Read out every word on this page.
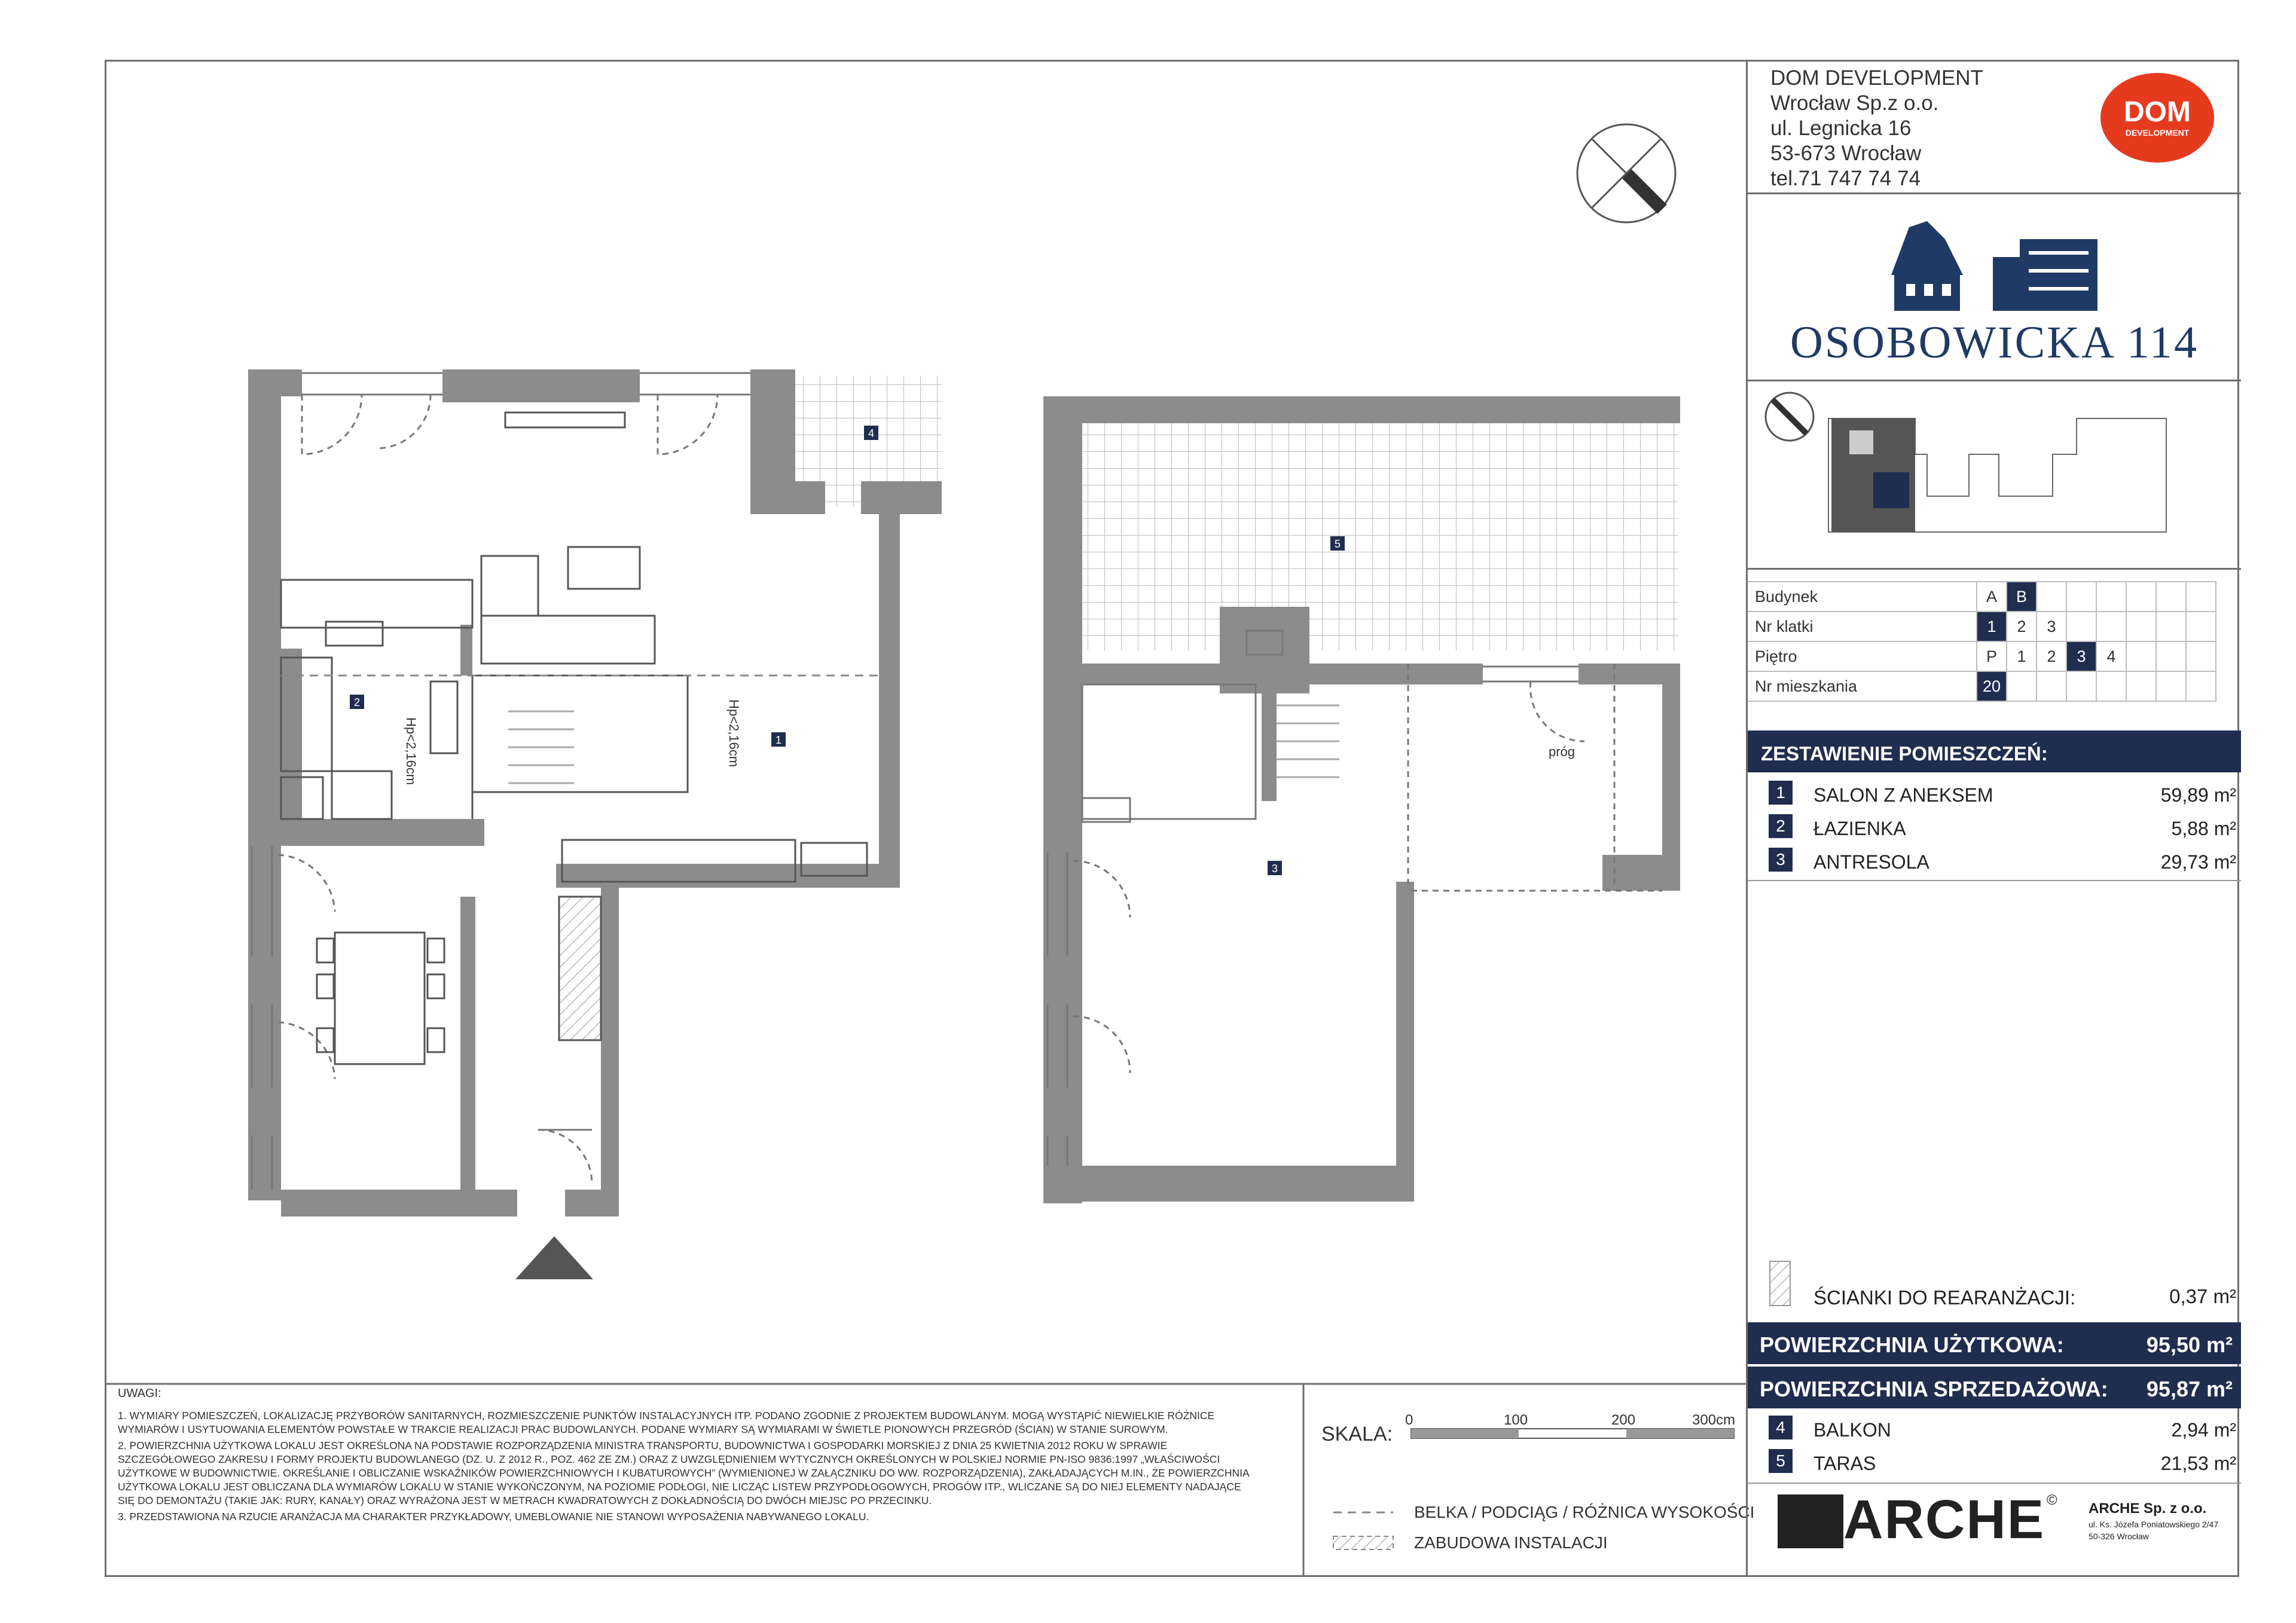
Hp<2,16cm	Hp<2,16cm	próg
1
2
3
4
5
SKALA:
0	100	200	300cm
BELKA / PODCIĄG / RÓŻNICA WYSOKOŚCI
ZABUDOWA INSTALACJI
UWAGI:
1. WYMIARY POMIESZCZEŃ, LOKALIZACJĘ PRZYBORÓW SANITARNYCH, ROZMIESZCZENIE PUNKTÓW INSTALACYJNYCH ITP. PODANO ZGODNIE Z PROJEKTEM BUDOWLANYM. MOGĄ WYSTĄPIĆ NIEWIELKIE RÓŻNICE WYMIARÓW I USYTUOWANIA ELEMENTÓW POWSTAŁE W TRAKCIE REALIZACJI PRAC BUDOWLANYCH. PODANE WYMIARY SĄ WYMIARAMI W ŚWIETLE PIONOWYCH PRZEGRÓD (ŚCIAN) W STANIE SUROWYM.
2. POWIERZCHNIA UŻYTKOWA LOKALU JEST OKREŚLONA NA PODSTAWIE ROZPORZĄDZENIA MINISTRA TRANSPORTU, BUDOWNICTWA I GOSPODARKI MORSKIEJ Z DNIA 25 KWIETNIA 2012 ROKU W SPRAWIE SZCZEGÓŁOWEGO ZAKRESU I FORMY PROJEKTU BUDOWLANEGO (DZ. U. Z 2012 R., POZ. 462 ZE ZM.) ORAZ Z UWZGLĘDNIENIEM WYTYCZNYCH OKREŚLONYCH W POLSKIEJ NORMIE PN-ISO 9836:1997 „WŁAŚCIWOŚCI UŻYTKOWE W BUDOWNICTWIE. OKREŚLANIE I OBLICZANIE WSKAŹNIKÓW POWIERZCHNIOWYCH I KUBATUROWYCH” (WYMIENIONEJ W ZAŁĄCZNIKU DO WW. ROZPORZĄDZENIA), ZAKŁADAJĄCYCH M.IN., ŻE POWIERZCHNIA UŻYTKOWA LOKALU JEST OBLICZANA DLA WYMIARÓW LOKALU W STANIE WYKOŃCZONYM, NA POZIOMIE PODŁOGI, NIE LICZĄC LISTEW PRZYPODŁOGOWYCH, PROGÓW ITP., WLICZANE SĄ DO NIEJ ELEMENTY NADAJĄCE SIĘ DO DEMONTAŻU (TAKIE JAK: RURY, KANAŁY) ORAZ WYRAŻONA JEST W METRACH KWADRATOWYCH Z DOKŁADNOŚCIĄ DO DWÓCH MIEJSC PO PRZECINKU.
3. PRZEDSTAWIONA NA RZUCIE ARANŻACJA MA CHARAKTER PRZYKŁADOWY, UMEBLOWANIE NIE STANOWI WYPOSAŻENIA NABYWANEGO LOKALU.
DOM DEVELOPMENT
Wrocław Sp.z o.o.
ul. Legnicka 16
53-673 Wrocław
tel.71 747 74 74
DOM
DEVELOPMENT
OSOBOWICKA 114
Budynek	A	B						
Nr klatki	1	2	3					
Piętro	P	1	2	3	4			
Nr mieszkania	20							
ZESTAWIENIE POMIESZCZEŃ:
1	SALON Z ANEKSEM	59,89 m²
2	ŁAZIENKA	5,88 m²
3	ANTRESOLA	29,73 m²
ŚCIANKI DO REARANŻACJI:	0,37 m²
POWIERZCHNIA UŻYTKOWA:	95,50 m²
POWIERZCHNIA SPRZEDAŻOWA: 95,87 m²
4	BALKON	2,94 m²
5	TARAS	21,53 m²
ARCHE ©
ARCHE Sp. z o.o.
ul. Ks. Józefa Poniatowskiego 2/47
50-326 Wrocław
